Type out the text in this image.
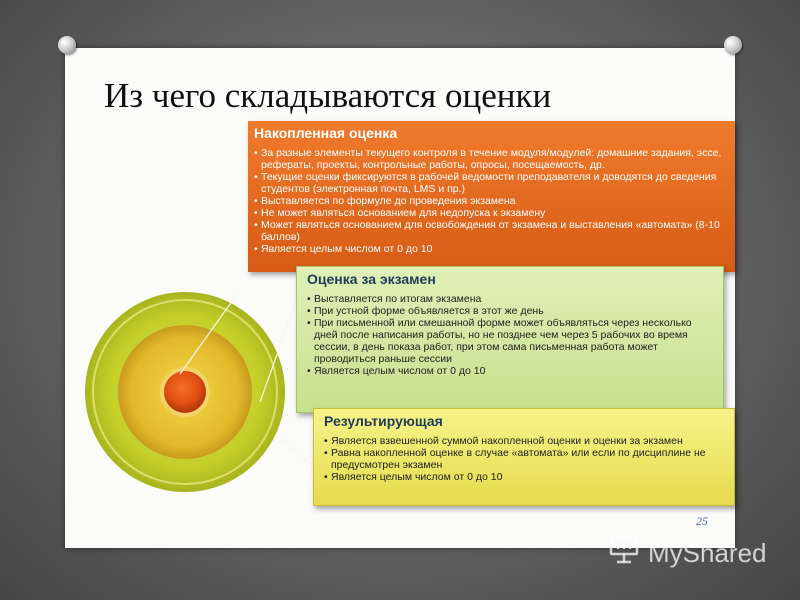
Из чего складываются оценки
Накопленная оценка
• За разные элементы текущего контроля в течение модуля/модулей: домашние задания, эссе, рефераты, проекты, контрольные работы, опросы, посещаемость, др.
• Текущие оценки фиксируются в рабочей ведомости преподавателя и доводятся до сведения студентов (электронная почта, LMS и пр.)
• Выставляется по формуле до проведения экзамена
• Не может являться основанием для недопуска к экзамену
• Может являться основанием для освобождения от экзамена и выставления «автомата» (8-10 баллов)
• Является целым числом от 0 до 10
Оценка за экзамен
• Выставляется по итогам экзамена
• При устной форме объявляется в этот же день
• При письменной или смешанной форме может объявляться через несколько дней после написания работы, но не позднее чем через 5 рабочих во время сессии, в день показа работ, при этом сама письменная работа может проводиться раньше сессии
• Является целым числом от 0 до 10
Результирующая
• Является взвешенной суммой накопленной оценки и оценки за экзамен
• Равна накопленной оценке в случае «автомата» или если по дисциплине не предусмотрен экзамен
• Является целым числом от 0 до 10
25
MyShared
